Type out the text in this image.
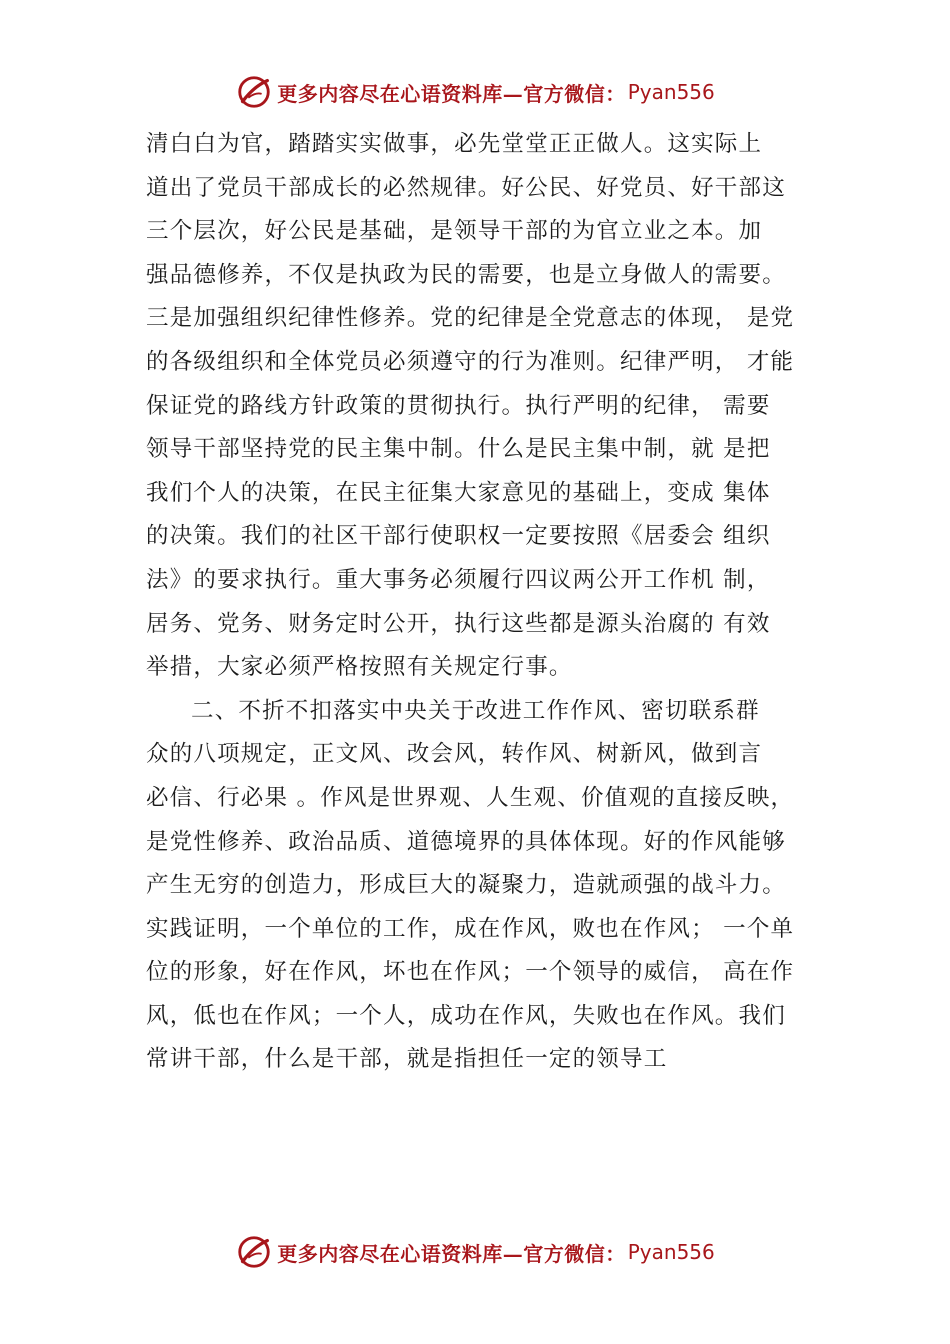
更多内容尽在心语资料库—官方微信： Pyan556
清白白为官，踏踏实实做事，必先堂堂正正做人。这实际上
道出了党员干部成长的必然规律。好公民、好党员、好干部这
三个层次，好公民是基础，是领导干部的为官立业之本。加
强品德修养，不仅是执政为民的需要，也是立身做人的需要。
三是加强组织纪律性修养。党的纪律是全党意志的体现， 是党
的各级组织和全体党员必须遵守的行为准则。纪律严明， 才能
保证党的路线方针政策的贯彻执行。执行严明的纪律， 需要
领导干部坚持党的民主集中制。什么是民主集中制，就 是把
我们个人的决策，在民主征集大家意见的基础上，变成 集体
的决策。我们的社区干部行使职权一定要按照《居委会 组织
法》的要求执行。重大事务必须履行四议两公开工作机 制，
居务、党务、财务定时公开，执行这些都是源头治腐的 有效
举措，大家必须严格按照有关规定行事。
二、不折不扣落实中央关于改进工作作风、密切联系群
众的八项规定，正文风、改会风，转作风、树新风，做到言
必信、行必果 。作风是世界观、人生观、价值观的直接反映，
是党性修养、政治品质、道德境界的具体体现。好的作风能够
产生无穷的创造力，形成巨大的凝聚力，造就顽强的战斗力。
实践证明，一个单位的工作，成在作风，败也在作风； 一个单
位的形象，好在作风，坏也在作风；一个领导的威信， 高在作
风，低也在作风；一个人，成功在作风，失败也在作风。我们
常讲干部，什么是干部，就是指担任一定的领导工
更多内容尽在心语资料库—官方微信： Pyan556
